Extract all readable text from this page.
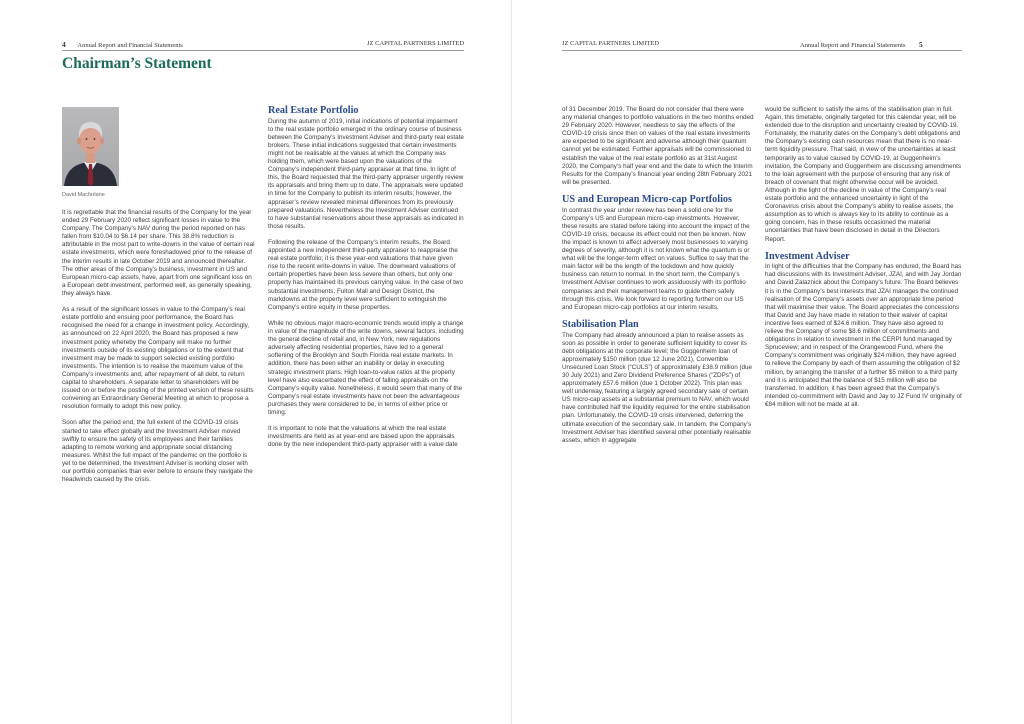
4 Annual Report and Financial Statements	JZ CAPITAL PARTNERS LIMITED
Chairman’s Statement
David Macfarlane

It is regrettable that the financial results of the Company for the year ended 29 February 2020 reflect significant losses in value to the Company. The Company’s NAV during the period reported on has fallen from $10.04 to $6.14 per share. This 38.8% reduction is attributable in the most part to write-downs in the value of certain real estate investments, which were foreshadowed prior to the release of the interim results in late October 2019 and announced thereafter. The other areas of the Company’s business, investment in US and European micro-cap assets, have, apart from one significant loss on a European debt investment, performed well, as generally speaking, they always have.

As a result of the significant losses in value to the Company’s real estate portfolio and ensuing poor performance, the Board has recognised the need for a change in investment policy. Accordingly, as announced on 22 April 2020, the Board has proposed a new investment policy whereby the Company will make no further investments outside of its existing obligations or to the extent that investment may be made to support selected existing portfolio investments. The intention is to realise the maximum value of the Company’s investments and, after repayment of all debt, to return capital to shareholders. A separate letter to shareholders will be issued on or before the posting of the printed version of these results convening an Extraordinary General Meeting at which to propose a resolution formally to adopt this new policy.

Soon after the period end, the full extent of the COVID-19 crisis started to take effect globally and the Investment Adviser moved swiftly to ensure the safety of its employees and their families adapting to remote working and appropriate social distancing measures. Whilst the full impact of the pandemic on the portfolio is yet to be determined, the Investment Adviser is working closer with our portfolio companies than ever before to ensure they navigate the headwinds caused by the crisis.

Real Estate Portfolio

During the autumn of 2019, initial indications of potential impairment to the real estate portfolio emerged in the ordinary course of business between the Company’s Investment Adviser and third-party real estate brokers. These initial indications suggested that certain investments might not be realisable at the values at which the Company was holding them, which were based upon the valuations of the Company’s independent third-party appraiser at that time. In light of this, the Board requested that the third-party appraiser urgently review its appraisals and bring them up to date. The appraisals were updated in time for the Company to publish its interim results; however, the appraiser’s review revealed minimal differences from its previously prepared valuations. Nevertheless the Investment Adviser continued to have substantial reservations about these appraisals as indicated in those results.

Following the release of the Company’s interim results, the Board appointed a new independent third-party appraiser to reappraise the real estate portfolio; it is these year-end valuations that have given rise to the recent write-downs in value. The downward valuations of certain properties have been less severe than others, but only one property has maintained its previous carrying value. In the case of two substantial investments, Fulton Mall and Design District, the markdowns at the property level were sufficient to extinguish the Company’s entire equity in these properties.

While no obvious major macro-economic trends would imply a change in value of the magnitude of the write downs, several factors, including the general decline of retail and, in New York, new regulations adversely affecting residential properties, have led to a general softening of the Brooklyn and South Florida real estate markets. In addition, there has been either an inability or delay in executing strategic investment plans. High loan-to-value ratios at the property level have also exacerbated the effect of falling appraisals on the Company’s equity value. Nonetheless, it would seem that many of the Company’s real estate investments have not been the advantageous purchases they were considered to be, in terms of either price or timing.

It is important to note that the valuations at which the real estate investments are held as at year-end are based upon the appraisals done by the new independent third-party appraiser with a value date

JZ CAPITAL PARTNERS LIMITED	Annual Report and Financial Statements 5

of 31 December 2019. The Board do not consider that there were any material changes to portfolio valuations in the two months ended 29 February 2020. However, needless to say the effects of the COVID-19 crisis since then on values of the real estate investments are expected to be significant and adverse although their quantum cannot yet be estimated. Further appraisals will be commissioned to establish the value of the real estate portfolio as at 31st August 2020, the Company’s half year end and the date to which the Interim Results for the Company’s financial year ending 28th February 2021 will be presented.

US and European Micro-cap Portfolios

In contrast the year under review has been a solid one for the Company’s US and European micro-cap investments. However, these results are stated before taking into account the impact of the COVID-19 crisis, because its effect could not then be known. Now the impact is known to affect adversely most businesses to varying degrees of severity, although it is not known what the quantum is or what will be the longer-term effect on values. Suffice to say that the main factor will be the length of the lockdown and how quickly business can return to normal. In the short term, the Company’s Investment Adviser continues to work assiduously with its portfolio companies and their management teams to guide them safely through this crisis. We look forward to reporting further on our US and European micro-cap portfolios at our interim results.

Stabilisation Plan

The Company had already announced a plan to realise assets as soon as possible in order to generate sufficient liquidity to cover its debt obligations at the corporate level; the Guggenheim loan of approximately $150 million (due 12 June 2021), Convertible Unsecured Loan Stock (“CULS”) of approximately £38.9 million (due 30 July 2021) and Zero Dividend Preference Shares (“ZDPs”) of approximately £57.6 million (due 1 October 2022). This plan was well underway, featuring a largely agreed secondary sale of certain US micro-cap assets at a substantial premium to NAV, which would have contributed half the liquidity required for the entire stabilisation plan. Unfortunately, the COVID-19 crisis intervened, deferring the ultimate execution of the secondary sale. In tandem, the Company’s Investment Adviser has identified several other potentially realisable assets, which in aggregate

would be sufficient to satisfy the aims of the stabilisation plan in full. Again, this timetable, originally targeted for this calendar year, will be extended due to the disruption and uncertainty created by COVID-19. Fortunately, the maturity dates on the Company’s debt obligations and the Company’s existing cash resources mean that there is no near-term liquidity pressure. That said, in view of the uncertainties at least temporarily as to value caused by COVID-19, at Guggenheim’s invitation, the Company and Guggenheim are discussing amendments to the loan agreement with the purpose of ensuring that any risk of breach of covenant that might otherwise occur will be avoided. Although in the light of the decline in value of the Company’s real estate portfolio and the enhanced uncertainty in light of the Coronavirus crisis about the Company’s ability to realise assets, the assumption as to which is always key to its ability to continue as a going concern, has in these results occasioned the material uncertainties that have been disclosed in detail in the Directors Report.

Investment Adviser

In light of the difficulties that the Company has endured, the Board has had discussions with its Investment Adviser, JZAI, and with Jay Jordan and David Zalaznick about the Company’s future. The Board believes it is in the Company’s best interests that JZAI manages the continued realisation of the Company’s assets over an appropriate time period that will maximise their value. The Board appreciates the concessions that David and Jay have made in relation to their waiver of capital incentive fees earned of $24.6 million. They have also agreed to relieve the Company of some $8.6 million of commitments and obligations in relation to investment in the CERPI fund managed by Spruceview; and in respect of the Orangewood Fund, where the Company’s commitment was originally $24 million, they have agreed to relieve the Company by each of them assuming the obligation of $2 million, by arranging the transfer of a further $5 million to a third party and it is anticipated that the balance of $15 million will also be transferred. In addition, it has been agreed that the Company’s intended co-commitment with David and Jay to JZ Fund IV originally of €84 million will not be made at all.
